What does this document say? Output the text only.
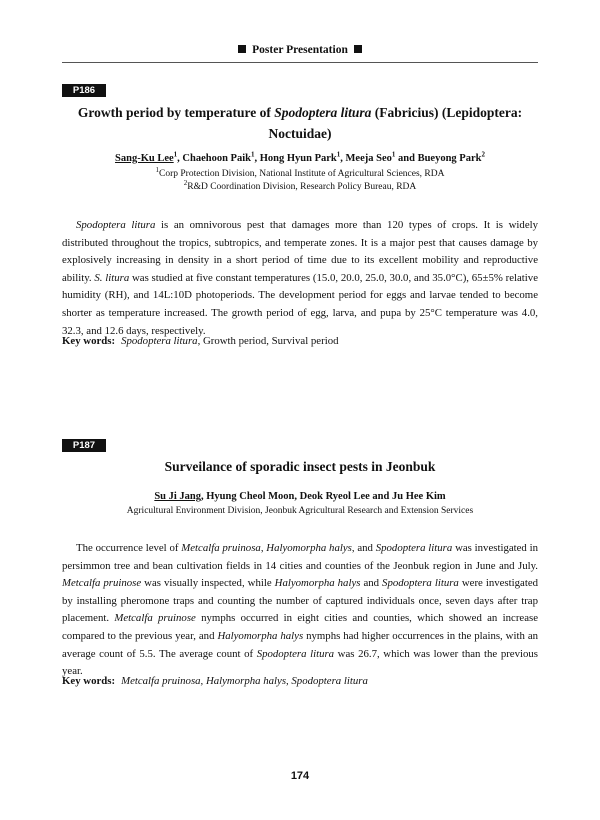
Poster Presentation
P186
Growth period by temperature of Spodoptera litura (Fabricius) (Lepidoptera:
Noctuidae)
Sang-Ku Lee$^1$, Chaehoon Paik$^1$, Hong Hyun Park$^1$, Meeja Seo$^1$ and Bueyong Park$^2$
$^1$Corp Protection Division, National Institute of Agricultural Sciences, RDA
$^2$R&D Coordination Division, Research Policy Bureau, RDA

Spodoptera litura is an omnivorous pest that damages more than 120 types of crops. It is widely distributed throughout the tropics, subtropics, and temperate zones. It is a major pest that causes damage by explosively increasing in density in a short period of time due to its excellent mobility and reproductive ability. S. litura was studied at five constant temperatures (15.0, 20.0, 25.0, 30.0, and 35.0°C), 65±5% relative humidity (RH), and 14L:10D photoperiods. The development period for eggs and larvae tended to become shorter as temperature increased. The growth period of egg, larva, and pupa by 25°C temperature was 4.0, 32.3, and 12.6 days, respectively.

Key words: Spodoptera litura, Growth period, Survival period
P187
Surveilance of sporadic insect pests in Jeonbuk
Su Ji Jang, Hyung Cheol Moon, Deok Ryeol Lee and Ju Hee Kim
Agricultural Environment Division, Jeonbuk Agricultural Research and Extension Services

The occurrence level of Metcalfa pruinosa, Halyomorpha halys, and Spodoptera litura was investigated in persimmon tree and bean cultivation fields in 14 cities and counties of the Jeonbuk region in June and July. Metcalfa pruinose was visually inspected, while Halyomorpha halys and Spodoptera litura were investigated by installing pheromone traps and counting the number of captured individuals once, seven days after trap placement. Metcalfa pruinose nymphs occurred in eight cities and counties, which showed an increase compared to the previous year, and Halyomorpha halys nymphs had higher occurrences in the plains, with an average count of 5.5. The average count of Spodoptera litura was 26.7, which was lower than the previous year.

Key words: Metcalfa pruinosa, Halymorpha halys, Spodoptera litura
174
